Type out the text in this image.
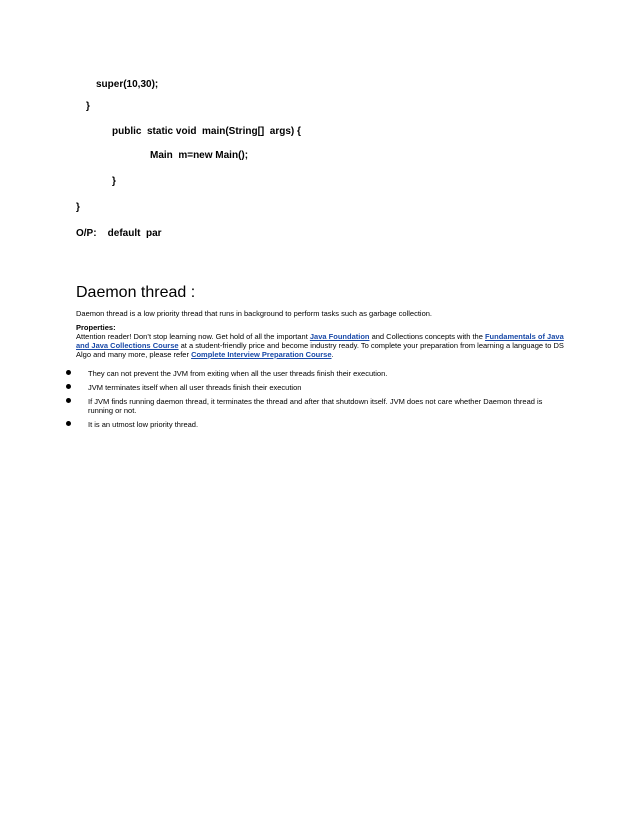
super(10,30);

}

public  static void  main(String[]  args) {

Main  m=new Main();

}

}

O/P:    default  par

Daemon thread :

Daemon thread is a low priority thread that runs in background to perform tasks such as garbage collection.

Properties:
Attention reader! Don’t stop learning now. Get hold of all the important Java Foundation and Collections concepts with the Fundamentals of Java and Java Collections Course at a student-friendly price and become industry ready. To complete your preparation from learning a language to DS Algo and many more, please refer Complete Interview Preparation Course.
They can not prevent the JVM from exiting when all the user threads finish their execution.
JVM terminates itself when all user threads finish their execution
If JVM finds running daemon thread, it terminates the thread and after that shutdown itself. JVM does not care whether Daemon thread is running or not.
It is an utmost low priority thread.
